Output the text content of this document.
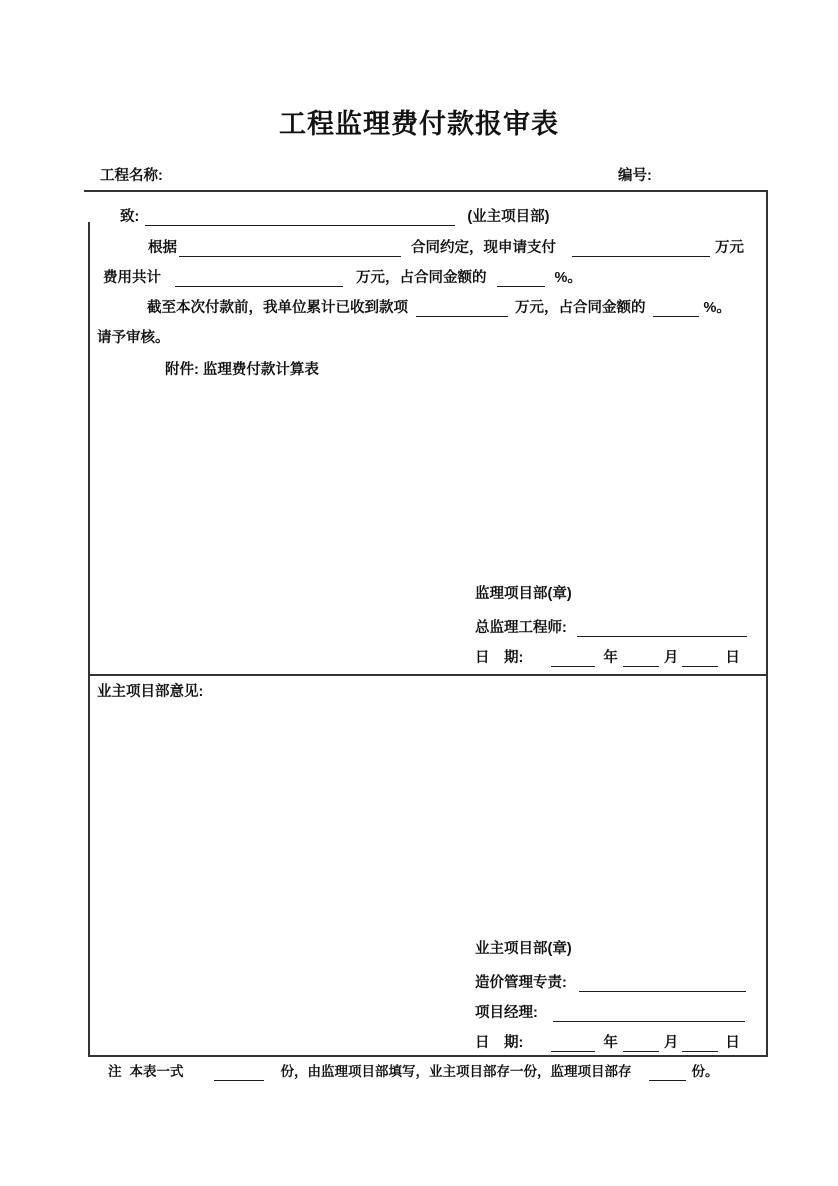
工程监理费付款报审表
工程名称:	编号:
致:	(业主项目部)
根据	合同约定，现申请支付	万元
费用共计	万元，占合同金额的	%。
截至本次付款前，我单位累计已收到款项	万元，占合同金额的	%。
请予审核。
附件: 监理费付款计算表
监理项目部(章)
总监理工程师:
日　期:	年	月	日
业主项目部意见:
业主项目部(章)
造价管理专责:
项目经理:
日　期:	年	月	日
注 本表一式	份，由监理项目部填写，业主项目部存一份，监理项目部存	份。
